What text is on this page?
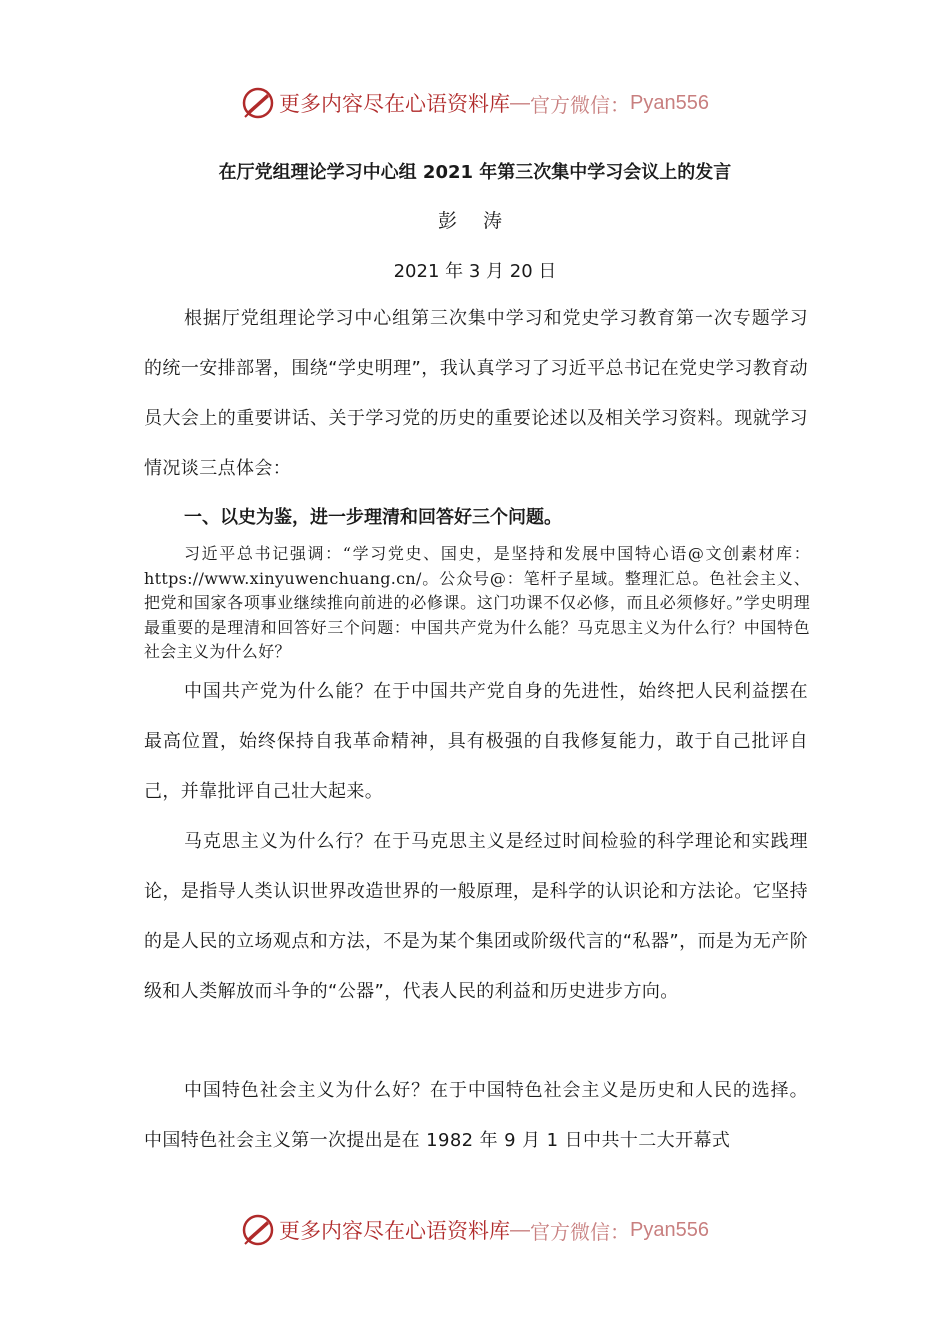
更多内容尽在心语资料库 — 官方微信： Pyan556
在厅党组理论学习中心组 2021 年第三次集中学习会议上的发言
彭 涛
2021 年 3 月 20 日

根据厅党组理论学习中心组第三次集中学习和党史学习教育第一次专题学习的统一安排部署，围绕“学史明理”，我认真学习了习近平总书记在党史学习教育动员大会上的重要讲话、关于学习党的历史的重要论述以及相关学习资料。现就学习情况谈三点体会：

一、以史为鉴，进一步理清和回答好三个问题。

习近平总书记强调：“学习党史、国史，是坚持和发展中国特心语@文创素材库：https://www.xinyuwenchuang.cn/。公众号@：笔杆子星域。整理汇总。色社会主义、把党和国家各项事业继续推向前进的必修课。这门功课不仅必修，而且必须修好。”学史明理最重要的是理清和回答好三个问题：中国共产党为什么能？马克思主义为什么行？中国特色社会主义为什么好？

中国共产党为什么能？在于中国共产党自身的先进性，始终把人民利益摆在最高位置，始终保持自我革命精神，具有极强的自我修复能力，敢于自己批评自己，并靠批评自己壮大起来。

马克思主义为什么行？在于马克思主义是经过时间检验的科学理论和实践理论，是指导人类认识世界改造世界的一般原理，是科学的认识论和方法论。它坚持的是人民的立场观点和方法，不是为某个集团或阶级代言的“私器”，而是为无产阶级和人类解放而斗争的“公器”，代表人民的利益和历史进步方向。

中国特色社会主义为什么好？在于中国特色社会主义是历史和人民的选择。中国特色社会主义第一次提出是在 1982 年 9 月 1 日中共十二大开幕式

更多内容尽在心语资料库 — 官方微信： Pyan556
